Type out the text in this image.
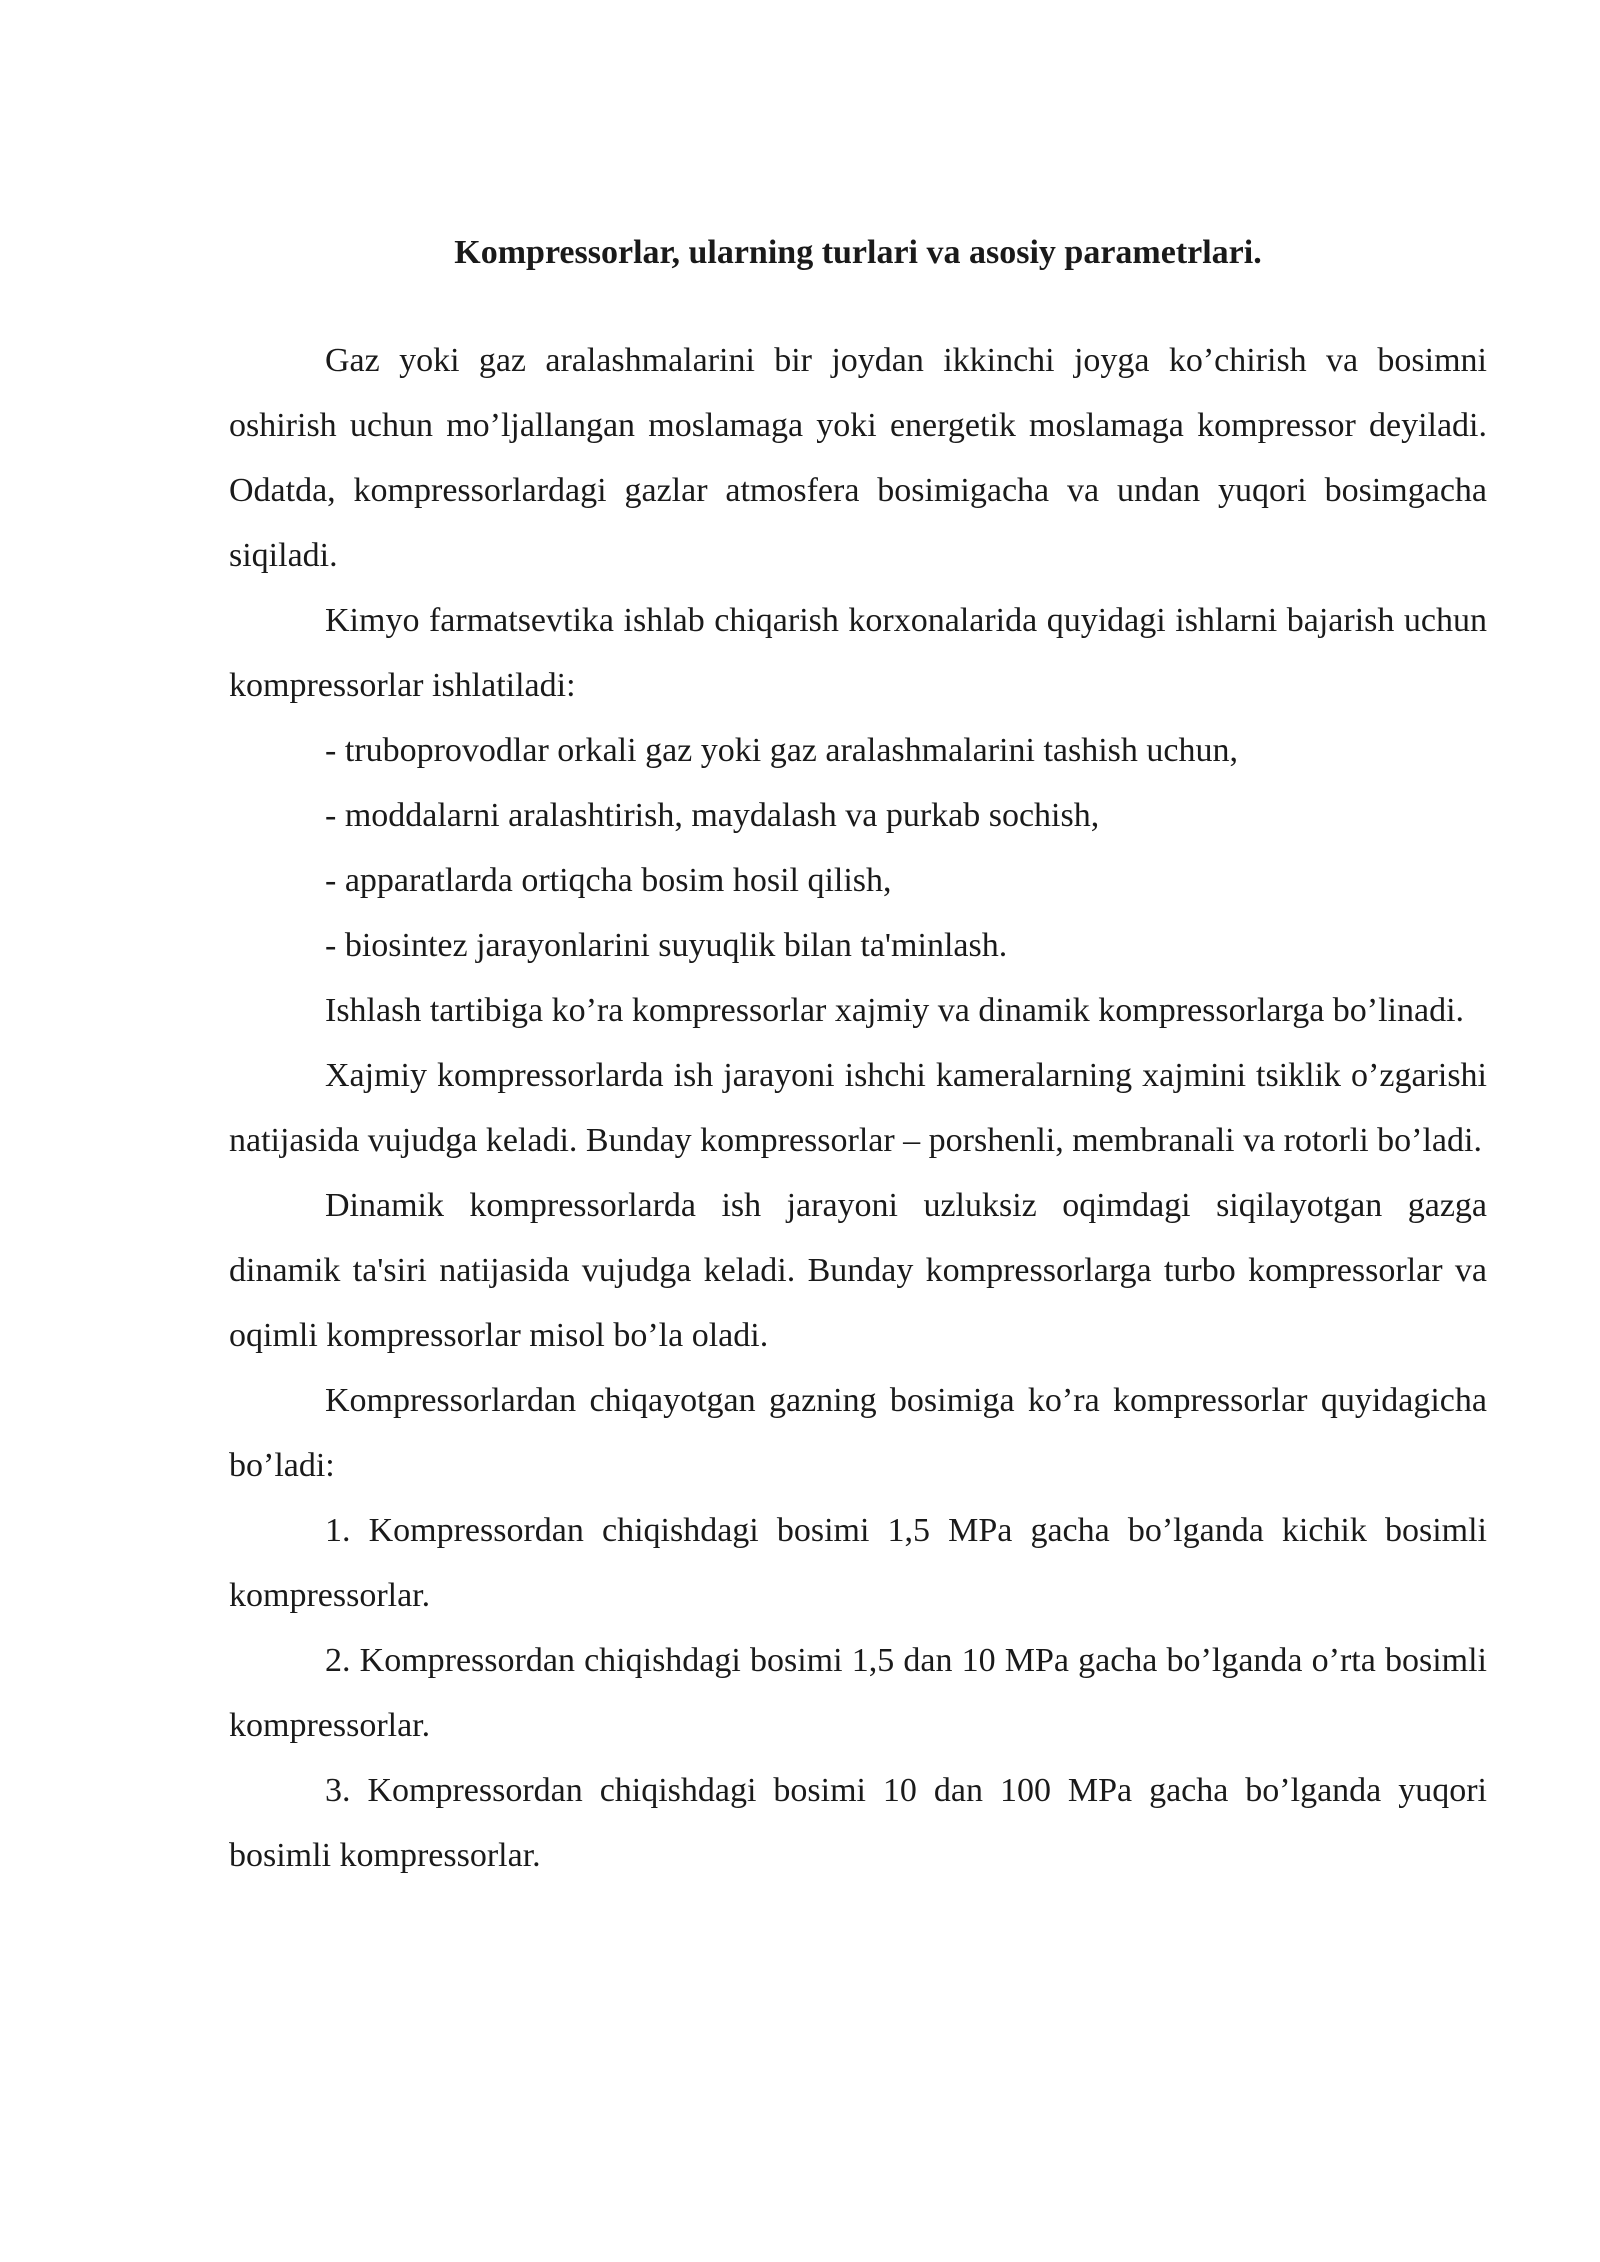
Kompressorlar, ularning turlari va asosiy parametrlari.

Gaz yoki gaz aralashmalarini bir joydan ikkinchi joyga ko’chirish va bosimni oshirish uchun mo’ljallangan moslamaga yoki energetik moslamaga kompressor deyiladi. Odatda, kompressorlardagi gazlar atmosfera bosimigacha va undan yuqori bosimgacha siqiladi.

Kimyo farmatsevtika ishlab chiqarish korxonalarida quyidagi ishlarni bajarish uchun kompressorlar ishlatiladi:

- truboprovodlar orkali gaz yoki gaz aralashmalarini tashish uchun,

- moddalarni aralashtirish, maydalash va purkab sochish,

- apparatlarda ortiqcha bosim hosil qilish,

- biosintez jarayonlarini suyuqlik bilan ta'minlash.

Ishlash tartibiga ko’ra kompressorlar xajmiy va dinamik kompressorlarga bo’linadi.

Xajmiy kompressorlarda ish jarayoni ishchi kameralarning xajmini tsiklik o’zgarishi natijasida vujudga keladi. Bunday kompressorlar – porshenli, membranali va rotorli bo’ladi.

Dinamik kompressorlarda ish jarayoni uzluksiz oqimdagi siqilayotgan gazga dinamik ta'siri natijasida vujudga keladi. Bunday kompressorlarga turbo kompressorlar va oqimli kompressorlar misol bo’la oladi.

Kompressorlardan chiqayotgan gazning bosimiga ko’ra kompressorlar quyidagicha bo’ladi:

1. Kompressordan chiqishdagi bosimi 1,5 MPa gacha bo’lganda kichik bosimli kompressorlar.

2. Kompressordan chiqishdagi bosimi 1,5 dan 10 MPa gacha bo’lganda o’rta bosimli kompressorlar.

3. Kompressordan chiqishdagi bosimi 10 dan 100 MPa gacha bo’lganda yuqori bosimli kompressorlar.
